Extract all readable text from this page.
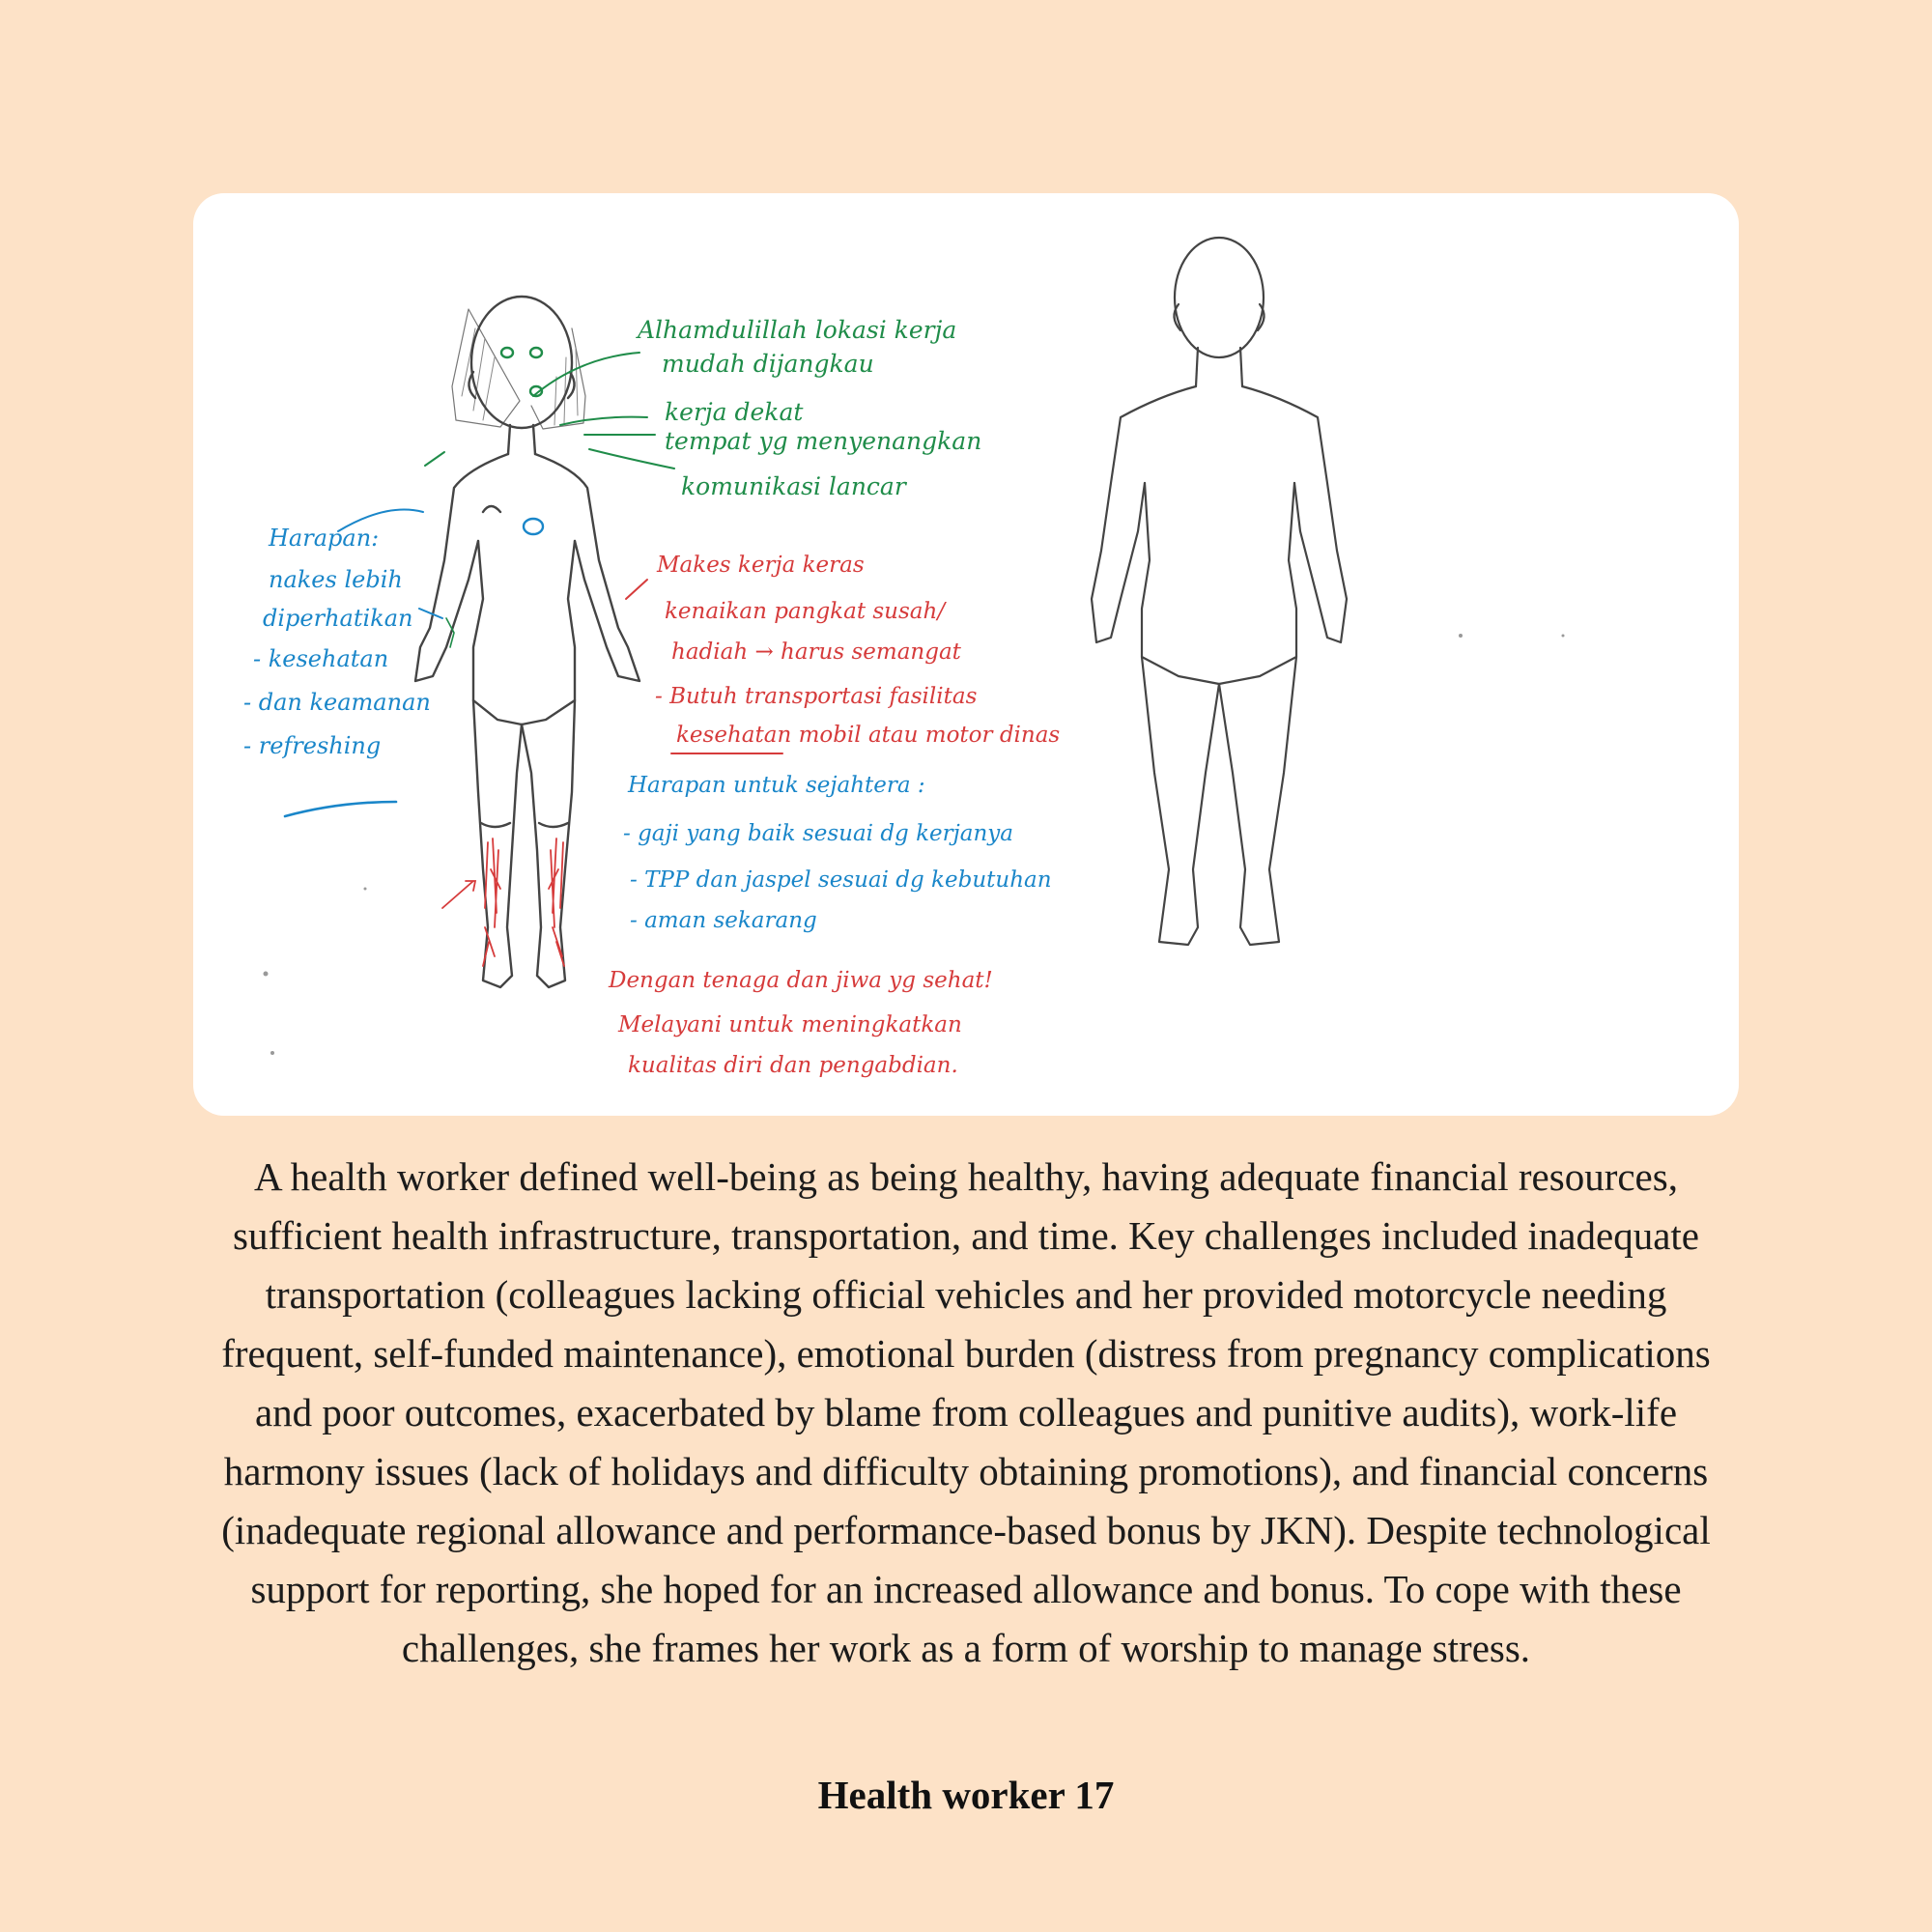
Alhamdulillah lokasi kerja
mudah dijangkau
kerja dekat
tempat yg menyenangkan
komunikasi lancar
Harapan:
nakes lebih
diperhatikan
- kesehatan
- dan keamanan
- refreshing
Makes kerja keras
kenaikan pangkat susah/
hadiah → harus semangat
- Butuh transportasi fasilitas
kesehatan mobil atau motor dinas
Harapan untuk sejahtera :
- gaji yang baik sesuai dg kerjanya
- TPP dan jaspel sesuai dg kebutuhan
- aman sekarang
Dengan tenaga dan jiwa yg sehat!
Melayani untuk meningkatkan
kualitas diri dan pengabdian.
A health worker defined well-being as being healthy, having adequate financial resources, sufficient health infrastructure, transportation, and time. Key challenges included inadequate transportation (colleagues lacking official vehicles and her provided motorcycle needing frequent, self-funded maintenance), emotional burden (distress from pregnancy complications and poor outcomes, exacerbated by blame from colleagues and punitive audits), work-life harmony issues (lack of holidays and difficulty obtaining promotions), and financial concerns (inadequate regional allowance and performance-based bonus by JKN). Despite technological support for reporting, she hoped for an increased allowance and bonus. To cope with these challenges, she frames her work as a form of worship to manage stress.
Health worker 17
